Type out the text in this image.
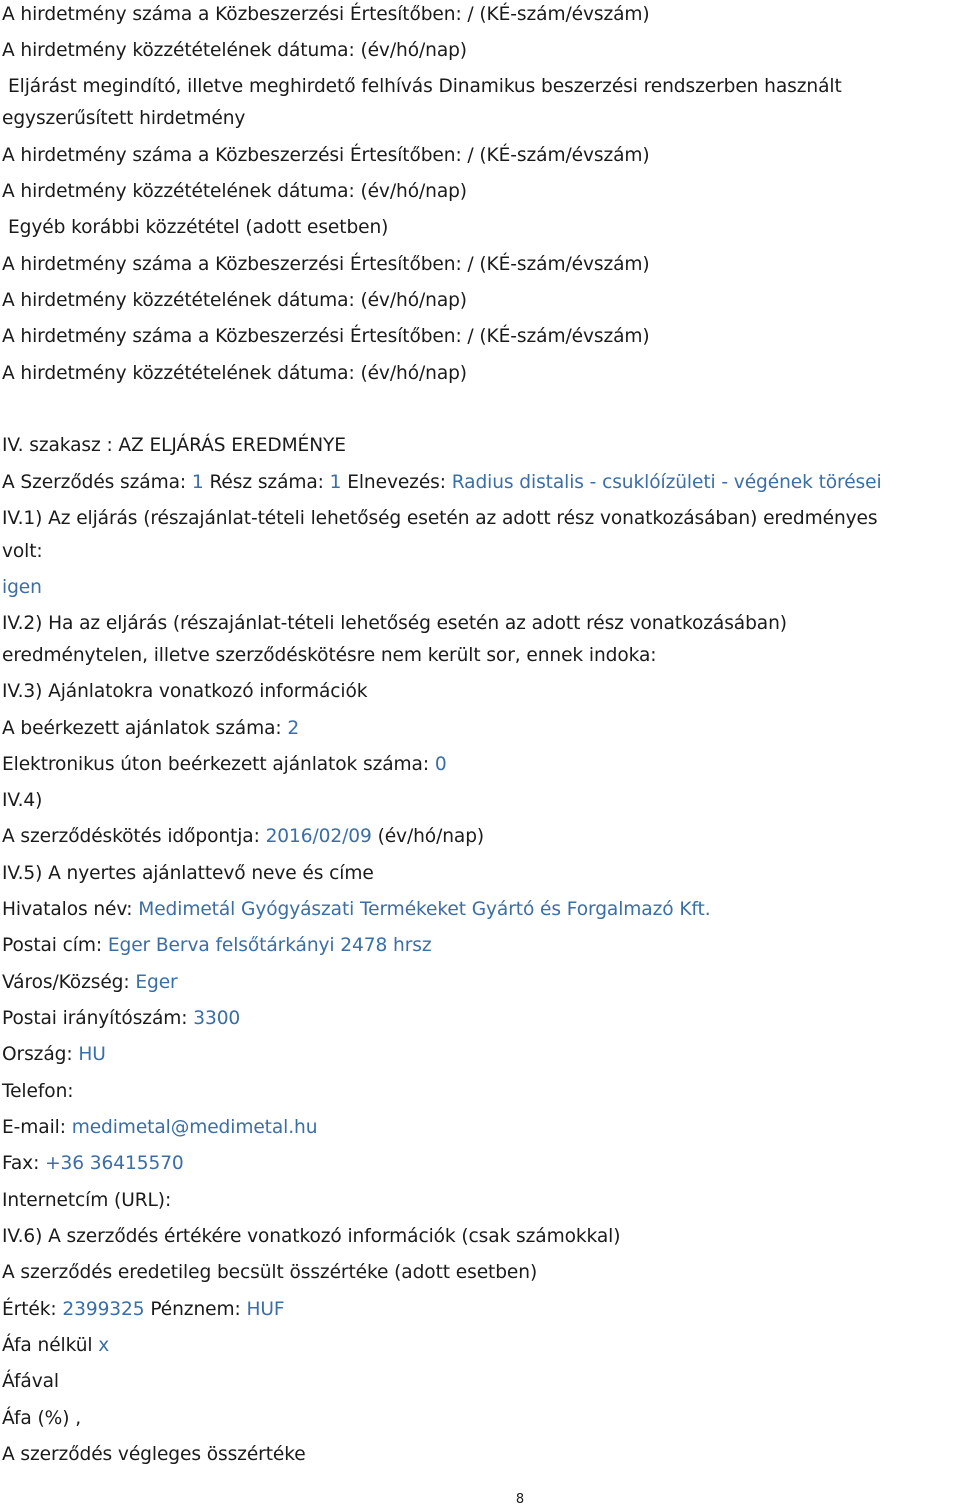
A hirdetmény száma a Közbeszerzési Értesítőben: / (KÉ-szám/évszám)
A hirdetmény közzétételének dátuma: (év/hó/nap)
Eljárást megindító, illetve meghirdető felhívás Dinamikus beszerzési rendszerben használt
egyszerűsített hirdetmény
A hirdetmény száma a Közbeszerzési Értesítőben: / (KÉ-szám/évszám)
A hirdetmény közzétételének dátuma: (év/hó/nap)
Egyéb korábbi közzététel (adott esetben)
A hirdetmény száma a Közbeszerzési Értesítőben: / (KÉ-szám/évszám)
A hirdetmény közzétételének dátuma: (év/hó/nap)
A hirdetmény száma a Közbeszerzési Értesítőben: / (KÉ-szám/évszám)
A hirdetmény közzétételének dátuma: (év/hó/nap)
IV. szakasz : AZ ELJÁRÁS EREDMÉNYE
A Szerződés száma: 1 Rész száma: 1 Elnevezés: Radius distalis - csuklóízületi - végének törései
IV.1) Az eljárás (részajánlat-tételi lehetőség esetén az adott rész vonatkozásában) eredményes
volt:
igen
IV.2) Ha az eljárás (részajánlat-tételi lehetőség esetén az adott rész vonatkozásában)
eredménytelen, illetve szerződéskötésre nem került sor, ennek indoka:
IV.3) Ajánlatokra vonatkozó információk
A beérkezett ajánlatok száma: 2
Elektronikus úton beérkezett ajánlatok száma: 0
IV.4)
A szerződéskötés időpontja: 2016/02/09 (év/hó/nap)
IV.5) A nyertes ajánlattevő neve és címe
Hivatalos név: Medimetál Gyógyászati Termékeket Gyártó és Forgalmazó Kft.
Postai cím: Eger Berva felsőtárkányi 2478 hrsz
Város/Község: Eger
Postai irányítószám: 3300
Ország: HU
Telefon:
E-mail: medimetal@medimetal.hu
Fax: +36 36415570
Internetcím (URL):
IV.6) A szerződés értékére vonatkozó információk (csak számokkal)
A szerződés eredetileg becsült összértéke (adott esetben)
Érték: 2399325 Pénznem: HUF
Áfa nélkül x
Áfával
Áfa (%) ,
A szerződés végleges összértéke
8
